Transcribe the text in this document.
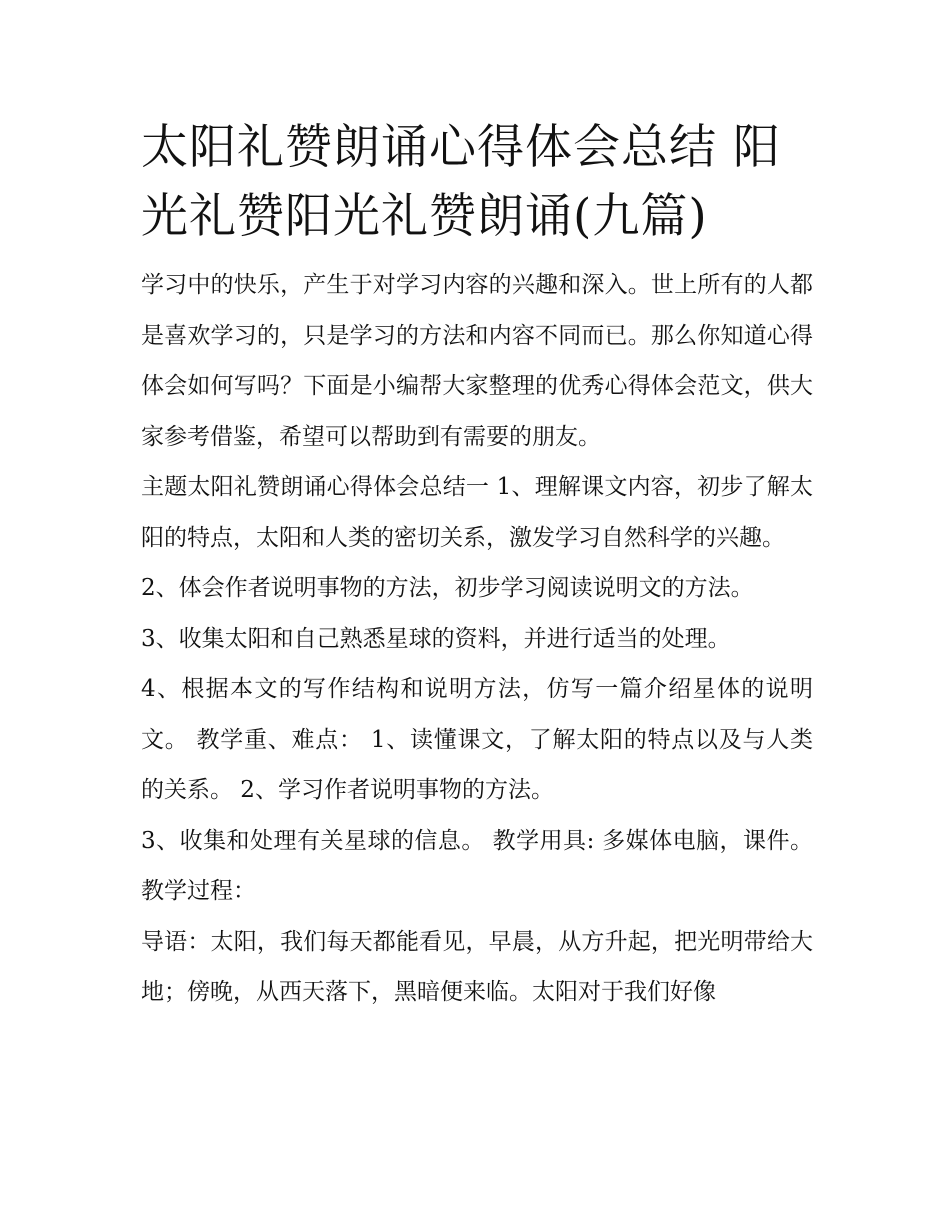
太阳礼赞朗诵心得体会总结 阳光礼赞阳光礼赞朗诵(九篇)

学习中的快乐，产生于对学习内容的兴趣和深入。世上所有的人都是喜欢学习的，只是学习的方法和内容不同而已。那么你知道心得体会如何写吗？下面是小编帮大家整理的优秀心得体会范文，供大家参考借鉴，希望可以帮助到有需要的朋友。

主题太阳礼赞朗诵心得体会总结一 1、理解课文内容，初步了解太阳的特点，太阳和人类的密切关系，激发学习自然科学的兴趣。

2、体会作者说明事物的方法，初步学习阅读说明文的方法。

3、收集太阳和自己熟悉星球的资料，并进行适当的处理。

4、根据本文的写作结构和说明方法，仿写一篇介绍星体的说明文。 教学重、难点： 1、读懂课文，了解太阳的特点以及与人类的关系。 2、学习作者说明事物的方法。

3、收集和处理有关星球的信息。 教学用具: 多媒体电脑，课件。 教学过程：

导语：太阳，我们每天都能看见，早晨，从方升起，把光明带给大地；傍晚，从西天落下，黑暗便来临。太阳对于我们好像
